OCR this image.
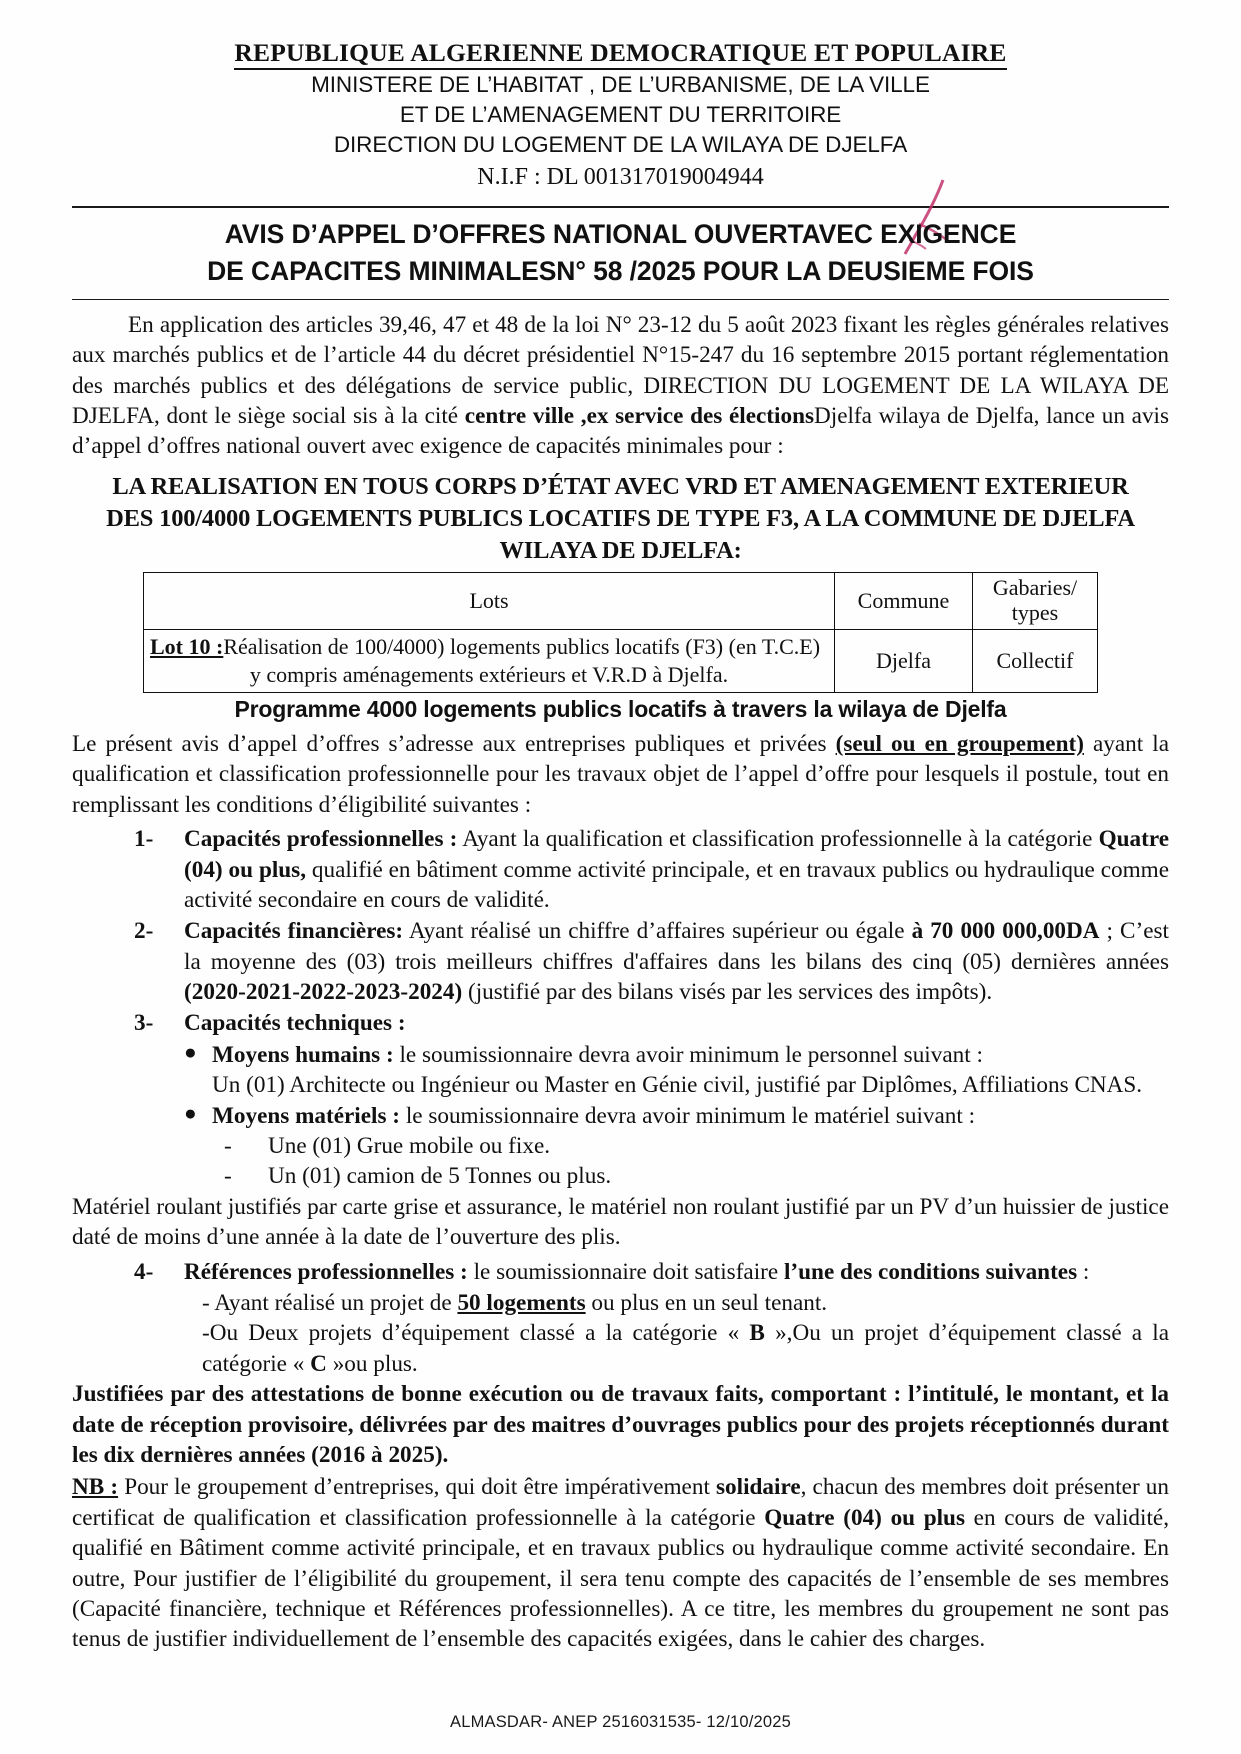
REPUBLIQUE ALGERIENNE DEMOCRATIQUE ET POPULAIRE
MINISTERE DE L’HABITAT , DE L’URBANISME, DE LA VILLE
ET DE L’AMENAGEMENT DU TERRITOIRE
DIRECTION DU LOGEMENT DE LA WILAYA DE DJELFA
N.I.F : DL 001317019004944
AVIS D’APPEL D’OFFRES NATIONAL OUVERTAVEC EXIGENCE
DE CAPACITES MINIMALESN° 58 /2025 POUR LA DEUSIEME FOIS

En application des articles 39,46, 47 et 48 de la loi N° 23-12 du 5 août 2023 fixant les règles générales relatives aux marchés publics et de l’article 44 du décret présidentiel N°15-247 du 16 septembre 2015 portant réglementation des marchés publics et des délégations de service public, DIRECTION DU LOGEMENT DE LA WILAYA DE DJELFA, dont le siège social sis à la cité centre ville ,ex service des électionsDjelfa wilaya de Djelfa, lance un avis d’appel d’offres national ouvert avec exigence de capacités minimales pour :

LA REALISATION EN TOUS CORPS D’ÉTAT AVEC VRD ET AMENAGEMENT EXTERIEUR
DES 100/4000 LOGEMENTS PUBLICS LOCATIFS DE TYPE F3, A LA COMMUNE DE DJELFA
WILAYA DE DJELFA:
Lots	Commune	Gabaries/
types
Lot 10 :Réalisation de 100/4000) logements publics locatifs (F3) (en T.C.E)
y compris aménagements extérieurs et V.R.D à Djelfa.	Djelfa	Collectif
Programme 4000 logements publics locatifs à travers la wilaya de Djelfa

Le présent avis d’appel d’offres s’adresse aux entreprises publiques et privées (seul ou en groupement) ayant la qualification et classification professionnelle pour les travaux objet de l’appel d’offre pour lesquels il postule, tout en remplissant les conditions d’éligibilité suivantes :

1- Capacités professionnelles : Ayant la qualification et classification professionnelle à la catégorie Quatre (04) ou plus, qualifié en bâtiment comme activité principale, et en travaux publics ou hydraulique comme activité secondaire en cours de validité.
2- Capacités financières: Ayant réalisé un chiffre d’affaires supérieur ou égale à 70 000 000,00DA ; C’est la moyenne des (03) trois meilleurs chiffres d'affaires dans les bilans des cinq (05) dernières années (2020-2021-2022-2023-2024) (justifié par des bilans visés par les services des impôts).
3- Capacités techniques :
● Moyens humains : le soumissionnaire devra avoir minimum le personnel suivant :
Un (01) Architecte ou Ingénieur ou Master en Génie civil, justifié par Diplômes, Affiliations CNAS.
● Moyens matériels : le soumissionnaire devra avoir minimum le matériel suivant :
- Une (01) Grue mobile ou fixe.
- Un (01) camion de 5 Tonnes ou plus.

Matériel roulant justifiés par carte grise et assurance, le matériel non roulant justifié par un PV d’un huissier de justice daté de moins d’une année à la date de l’ouverture des plis.

4- Références professionnelles : le soumissionnaire doit satisfaire l’une des conditions suivantes :
- Ayant réalisé un projet de 50 logements ou plus en un seul tenant.
-Ou Deux projets d’équipement classé a la catégorie « B »,Ou un projet d’équipement classé a la catégorie « C »ou plus.

Justifiées par des attestations de bonne exécution ou de travaux faits, comportant : l’intitulé, le montant, et la date de réception provisoire, délivrées par des maitres d’ouvrages publics pour des projets réceptionnés durant les dix dernières années (2016 à 2025).

NB : Pour le groupement d’entreprises, qui doit être impérativement solidaire, chacun des membres doit présenter un certificat de qualification et classification professionnelle à la catégorie Quatre (04) ou plus en cours de validité, qualifié en Bâtiment comme activité principale, et en travaux publics ou hydraulique comme activité secondaire. En outre, Pour justifier de l’éligibilité du groupement, il sera tenu compte des capacités de l’ensemble de ses membres (Capacité financière, technique et Références professionnelles). A ce titre, les membres du groupement ne sont pas tenus de justifier individuellement de l’ensemble des capacités exigées, dans le cahier des charges.

ALMASDAR- ANEP 2516031535- 12/10/2025
